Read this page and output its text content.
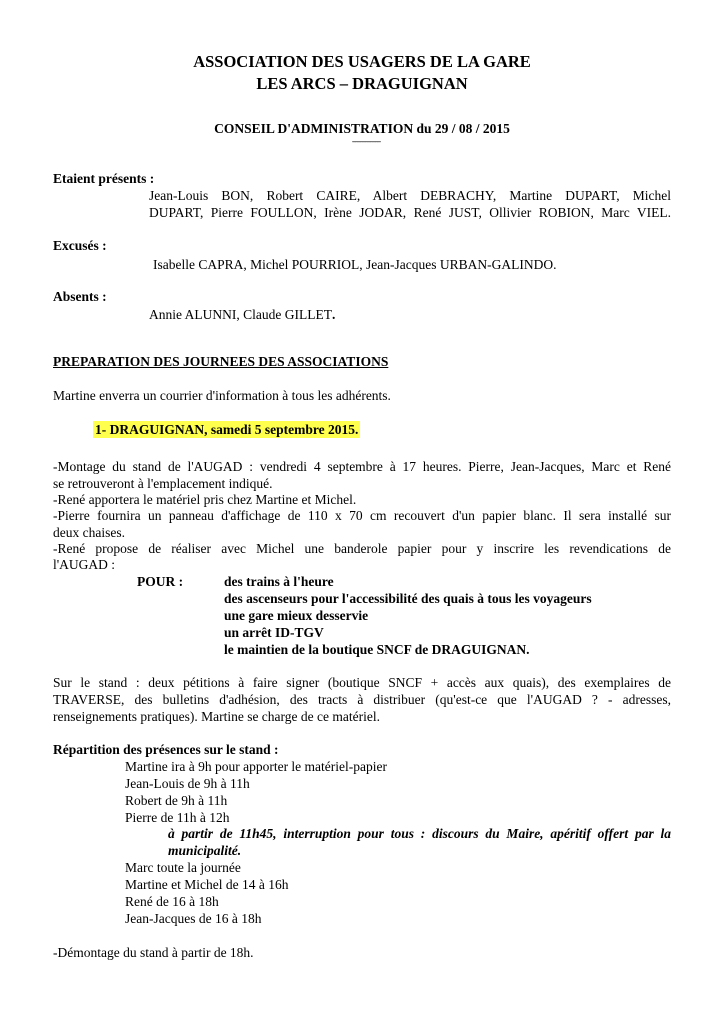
ASSOCIATION DES USAGERS DE LA GARE
LES ARCS – DRAGUIGNAN
CONSEIL D'ADMINISTRATION du 29 / 08 / 2015
-----------------
Etaient présents :
Jean-Louis BON, Robert CAIRE, Albert DEBRACHY, Martine DUPART, Michel
DUPART, Pierre FOULLON, Irène JODAR, René JUST, Ollivier ROBION, Marc VIEL.
Excusés :
Isabelle CAPRA, Michel POURRIOL, Jean-Jacques URBAN-GALINDO.
Absents :
Annie ALUNNI, Claude GILLET.
PREPARATION DES JOURNEES DES ASSOCIATIONS
Martine enverra un courrier d'information à tous les adhérents.
1- DRAGUIGNAN, samedi 5 septembre 2015.
-Montage du stand de l'AUGAD : vendredi 4 septembre à 17 heures. Pierre, Jean-Jacques, Marc et René
se retrouveront à l'emplacement indiqué.
-René apportera le matériel pris chez Martine et Michel.
-Pierre fournira un panneau d'affichage de 110 x 70 cm recouvert d'un papier blanc. Il sera installé sur
deux chaises.
-René propose de réaliser avec Michel une banderole papier pour y inscrire les revendications de
l'AUGAD :
POUR :	des trains à l'heure
des ascenseurs pour l'accessibilité des quais à tous les voyageurs
une gare mieux desservie
un arrêt ID-TGV
le maintien de la boutique SNCF de DRAGUIGNAN.
Sur le stand : deux pétitions à faire signer (boutique SNCF + accès aux quais), des exemplaires de
TRAVERSE, des bulletins d'adhésion, des tracts à distribuer (qu'est-ce que l'AUGAD ? - adresses,
renseignements pratiques). Martine se charge de ce matériel.
Répartition des présences sur le stand :
Martine ira à 9h pour apporter le matériel-papier
Jean-Louis de 9h à 11h
Robert de 9h à 11h
Pierre de 11h à 12h
à partir de 11h45, interruption pour tous : discours du Maire, apéritif offert par la
municipalité.
Marc toute la journée
Martine et Michel de 14 à 16h
René de 16 à 18h
Jean-Jacques de 16 à 18h
-Démontage du stand à partir de 18h.
